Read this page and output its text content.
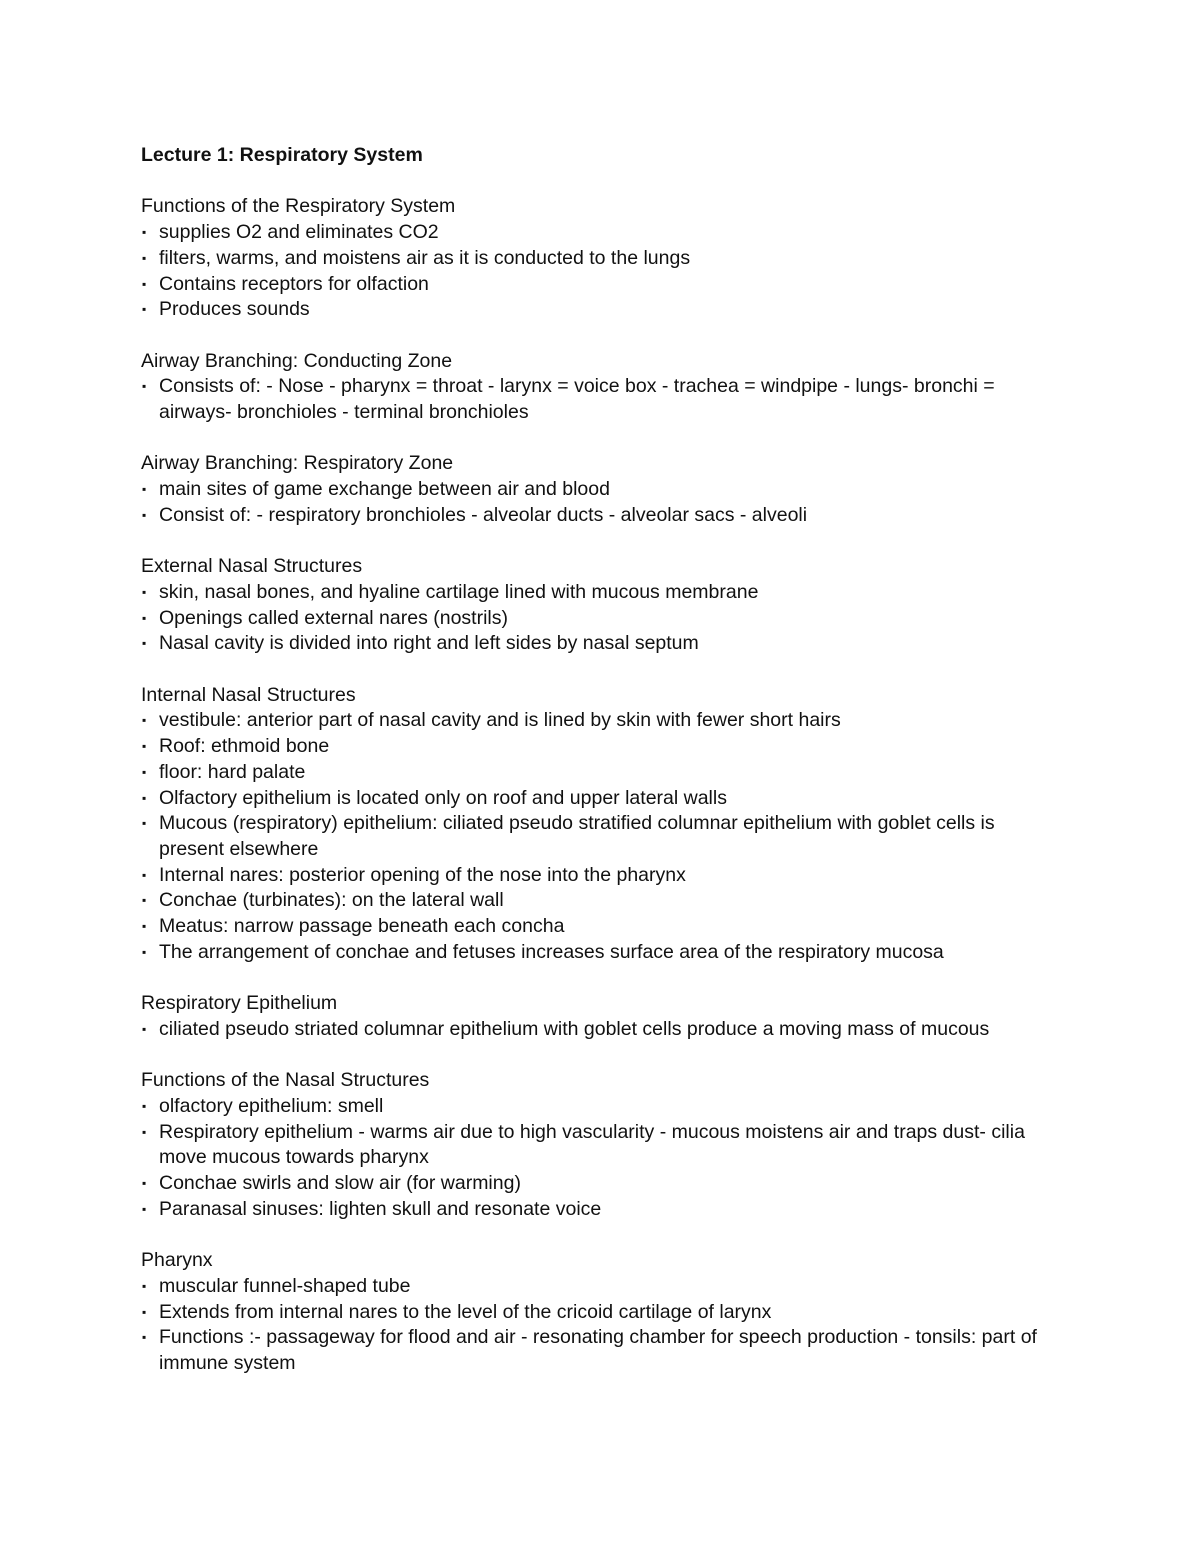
Lecture 1: Respiratory System
Functions of the Respiratory System
▪ supplies O2 and eliminates CO2
▪ filters, warms, and moistens air as it is conducted to the lungs
▪ Contains receptors for olfaction
▪ Produces sounds
Airway Branching: Conducting Zone
▪ Consists of: - Nose - pharynx = throat - larynx = voice box - trachea = windpipe - lungs- bronchi = airways- bronchioles - terminal bronchioles
Airway Branching: Respiratory Zone
▪ main sites of game exchange between air and blood
▪ Consist of: - respiratory bronchioles - alveolar ducts - alveolar sacs - alveoli
External Nasal Structures
▪ skin, nasal bones, and hyaline cartilage lined with mucous membrane
▪ Openings called external nares (nostrils)
▪ Nasal cavity is divided into right and left sides by nasal septum
Internal Nasal Structures
▪ vestibule: anterior part of nasal cavity and is lined by skin with fewer short hairs
▪ Roof: ethmoid bone
▪ floor: hard palate
▪ Olfactory epithelium is located only on roof and upper lateral walls
▪ Mucous (respiratory) epithelium: ciliated pseudo stratified columnar epithelium with goblet cells is present elsewhere
▪ Internal nares: posterior opening of the nose into the pharynx
▪ Conchae (turbinates): on the lateral wall
▪ Meatus: narrow passage beneath each concha
▪ The arrangement of conchae and fetuses increases surface area of the respiratory mucosa
Respiratory Epithelium
▪ ciliated pseudo striated columnar epithelium with goblet cells produce a moving mass of mucous
Functions of the Nasal Structures
▪ olfactory epithelium: smell
▪ Respiratory epithelium - warms air due to high vascularity - mucous moistens air and traps dust- cilia move mucous towards pharynx
▪ Conchae swirls and slow air (for warming)
▪ Paranasal sinuses: lighten skull and resonate voice
Pharynx
▪ muscular funnel-shaped tube
▪ Extends from internal nares to the level of the cricoid cartilage of larynx
▪ Functions :- passageway for flood and air - resonating chamber for speech production - tonsils: part of immune system
